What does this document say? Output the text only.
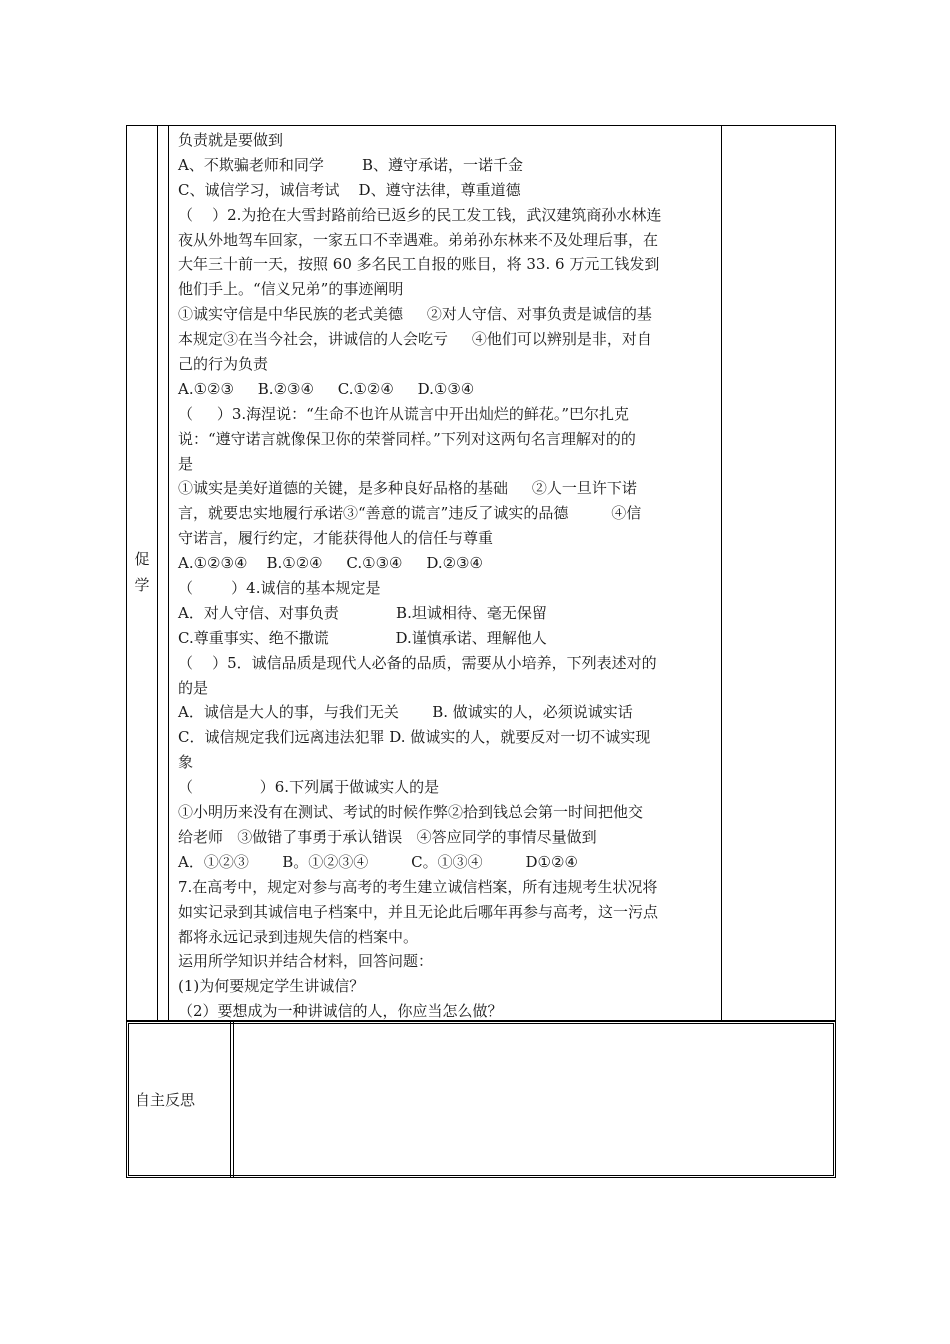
促
学
负责就是要做到
A、不欺骗老师和同学        B、遵守承诺，一诺千金
C、诚信学习，诚信考试    D、遵守法律，尊重道德
（    ）2.为抢在大雪封路前给已返乡的民工发工钱，武汉建筑商孙水林连
夜从外地驾车回家，一家五口不幸遇难。弟弟孙东林来不及处理后事，在
大年三十前一天，按照 60 多名民工自报的账目，将 33. 6 万元工钱发到
他们手上。“信义兄弟”的事迹阐明
①诚实守信是中华民族的老式美德     ②对人守信、对事负责是诚信的基
本规定③在当今社会，讲诚信的人会吃亏     ④他们可以辨别是非，对自
己的行为负责
A.①②③     B.②③④     C.①②④     D.①③④
（     ）3.海涅说：“生命不也许从谎言中开出灿烂的鲜花。”巴尔扎克
说：“遵守诺言就像保卫你的荣誉同样。”下列对这两句名言理解对的的
是
①诚实是美好道德的关键，是多种良好品格的基础     ②人一旦许下诺
言，就要忠实地履行承诺③“善意的谎言”违反了诚实的品德         ④信
守诺言，履行约定，才能获得他人的信任与尊重
A.①②③④    B.①②④     C.①③④     D.②③④
（        ）4.诚信的基本规定是
A．对人守信、对事负责            B.坦诚相待、毫无保留
C.尊重事实、绝不撒谎              D.谨慎承诺、理解他人
（    ）5．诚信品质是现代人必备的品质，需要从小培养，下列表述对的
的是
A．诚信是大人的事，与我们无关       B. 做诚实的人，必须说诚实话
C．诚信规定我们远离违法犯罪 D. 做诚实的人，就要反对一切不诚实现
象
（              ）6.下列属于做诚实人的是
①小明历来没有在测试、考试的时候作弊②拾到钱总会第一时间把他交
给老师   ③做错了事勇于承认错误   ④答应同学的事情尽量做到
A．①②③       B。①②③④         C。①③④         D①②④
7.在高考中，规定对参与高考的考生建立诚信档案，所有违规考生状况将
如实记录到其诚信电子档案中，并且无论此后哪年再参与高考，这一污点
都将永远记录到违规失信的档案中。
运用所学知识并结合材料，回答问题：
(1)为何要规定学生讲诚信？
（2）要想成为一种讲诚信的人，你应当怎么做？
自主反思
